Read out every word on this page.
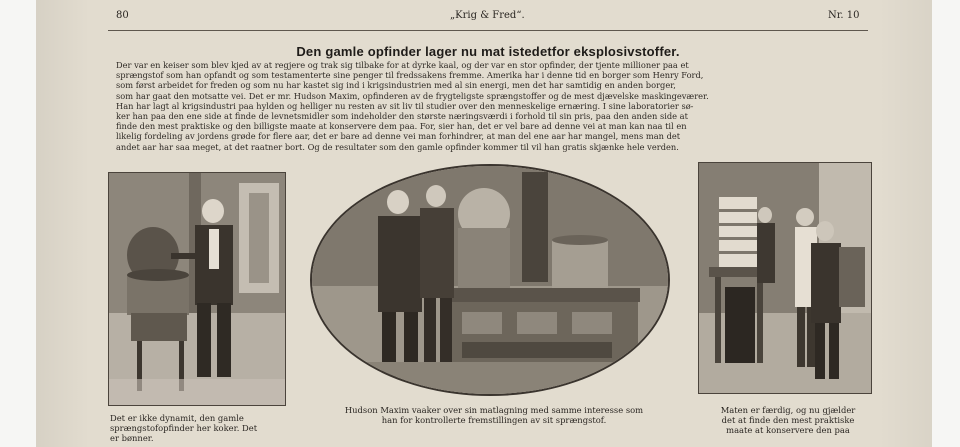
80	„Krig & Fred“.	Nr. 10
Den gamle opfinder lager nu mat istedetfor eksplosivstoffer.
Der var en keiser som blev kjed av at regjere og trak sig tilbake for at dyrke kaal, og der var en stor opfinder, der tjente millioner paa et
sprængstof som han opfandt og som testamenterte sine penger til fredssakens fremme. Amerika har i denne tid en borger som Henry Ford,
som først arbeidet for freden og som nu har kastet sig ind i krigsindustrien med al sin energi, men det har samtidig en anden borger,
som har gaat den motsatte vei. Det er mr. Hudson Maxim, opfinderen av de frygteligste sprængstoffer og de mest djævelske maskingeværer.
Han har lagt al krigsindustri paa hylden og helliger nu resten av sit liv til studier over den menneskelige ernæring. I sine laboratorier sø-
ker han paa den ene side at finde de levnetsmidler som indeholder den største næringsværdi i forhold til sin pris, paa den anden side at
finde den mest praktiske og den billigste maate at konservere dem paa. For, sier han, det er vel bare ad denne vei at man kan naa til en
likelig fordeling av jordens grøde for flere aar, det er bare ad denne vei man forhindrer, at man del ene aar har mangel, mens man det
andet aar har saa meget, at det raatner bort. Og de resultater som den gamle opfinder kommer til vil han gratis skjænke hele verden.
Det er ikke dynamit, den gamle
sprængstofopfinder her koker. Det
er bønner.
Hudson Maxim vaaker over sin matlagning med samme interesse som
han for kontrollerte fremstillingen av sit sprængstof.
Maten er færdig, og nu gjælder
det at finde den mest praktiske
maate at konservere den paa
